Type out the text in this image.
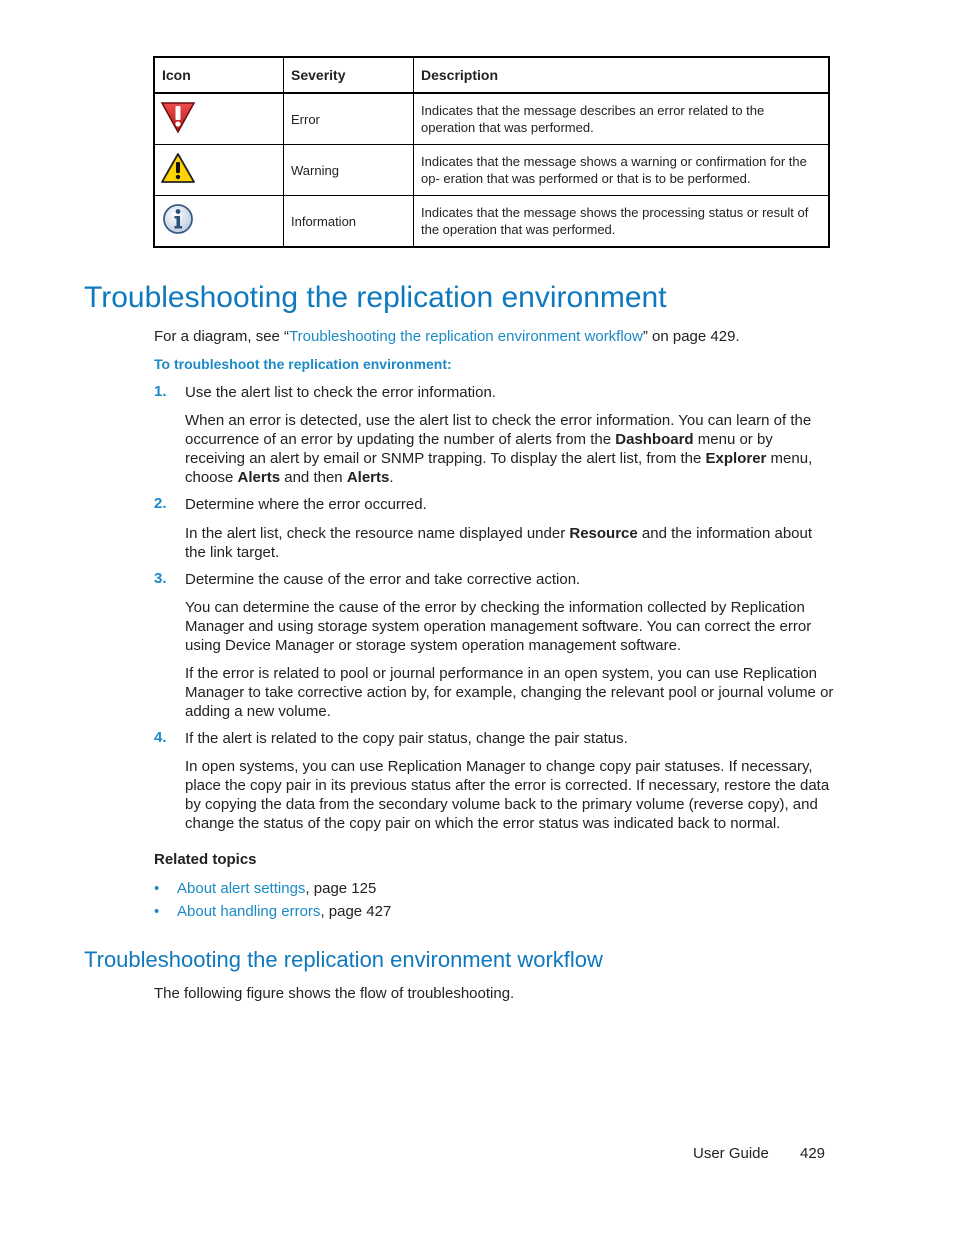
Icon	Severity	Description
	Error	Indicates that the message describes an error related to the operation that was performed.
	Warning	Indicates that the message shows a warning or confirmation for the op- eration that was performed or that is to be performed.
	Information	Indicates that the message shows the processing status or result of the operation that was performed.
Troubleshooting the replication environment
For a diagram, see “Troubleshooting the replication environment workflow” on page 429.
To troubleshoot the replication environment:
1. Use the alert list to check the error information.
When an error is detected, use the alert list to check the error information. You can learn of the occurrence of an error by updating the number of alerts from the Dashboard menu or by receiving an alert by email or SNMP trapping. To display the alert list, from the Explorer menu, choose Alerts and then Alerts.
2. Determine where the error occurred.
In the alert list, check the resource name displayed under Resource and the information about the link target.
3. Determine the cause of the error and take corrective action.
You can determine the cause of the error by checking the information collected by Replication Manager and using storage system operation management software. You can correct the error using Device Manager or storage system operation management software.
If the error is related to pool or journal performance in an open system, you can use Replication Manager to take corrective action by, for example, changing the relevant pool or journal volume or adding a new volume.
4. If the alert is related to the copy pair status, change the pair status.
In open systems, you can use Replication Manager to change copy pair statuses. If necessary, place the copy pair in its previous status after the error is corrected. If necessary, restore the data by copying the data from the secondary volume back to the primary volume (reverse copy), and change the status of the copy pair on which the error status was indicated back to normal.
Related topics
• About alert settings, page 125
• About handling errors, page 427
Troubleshooting the replication environment workflow
The following figure shows the flow of troubleshooting.
User Guide 429
